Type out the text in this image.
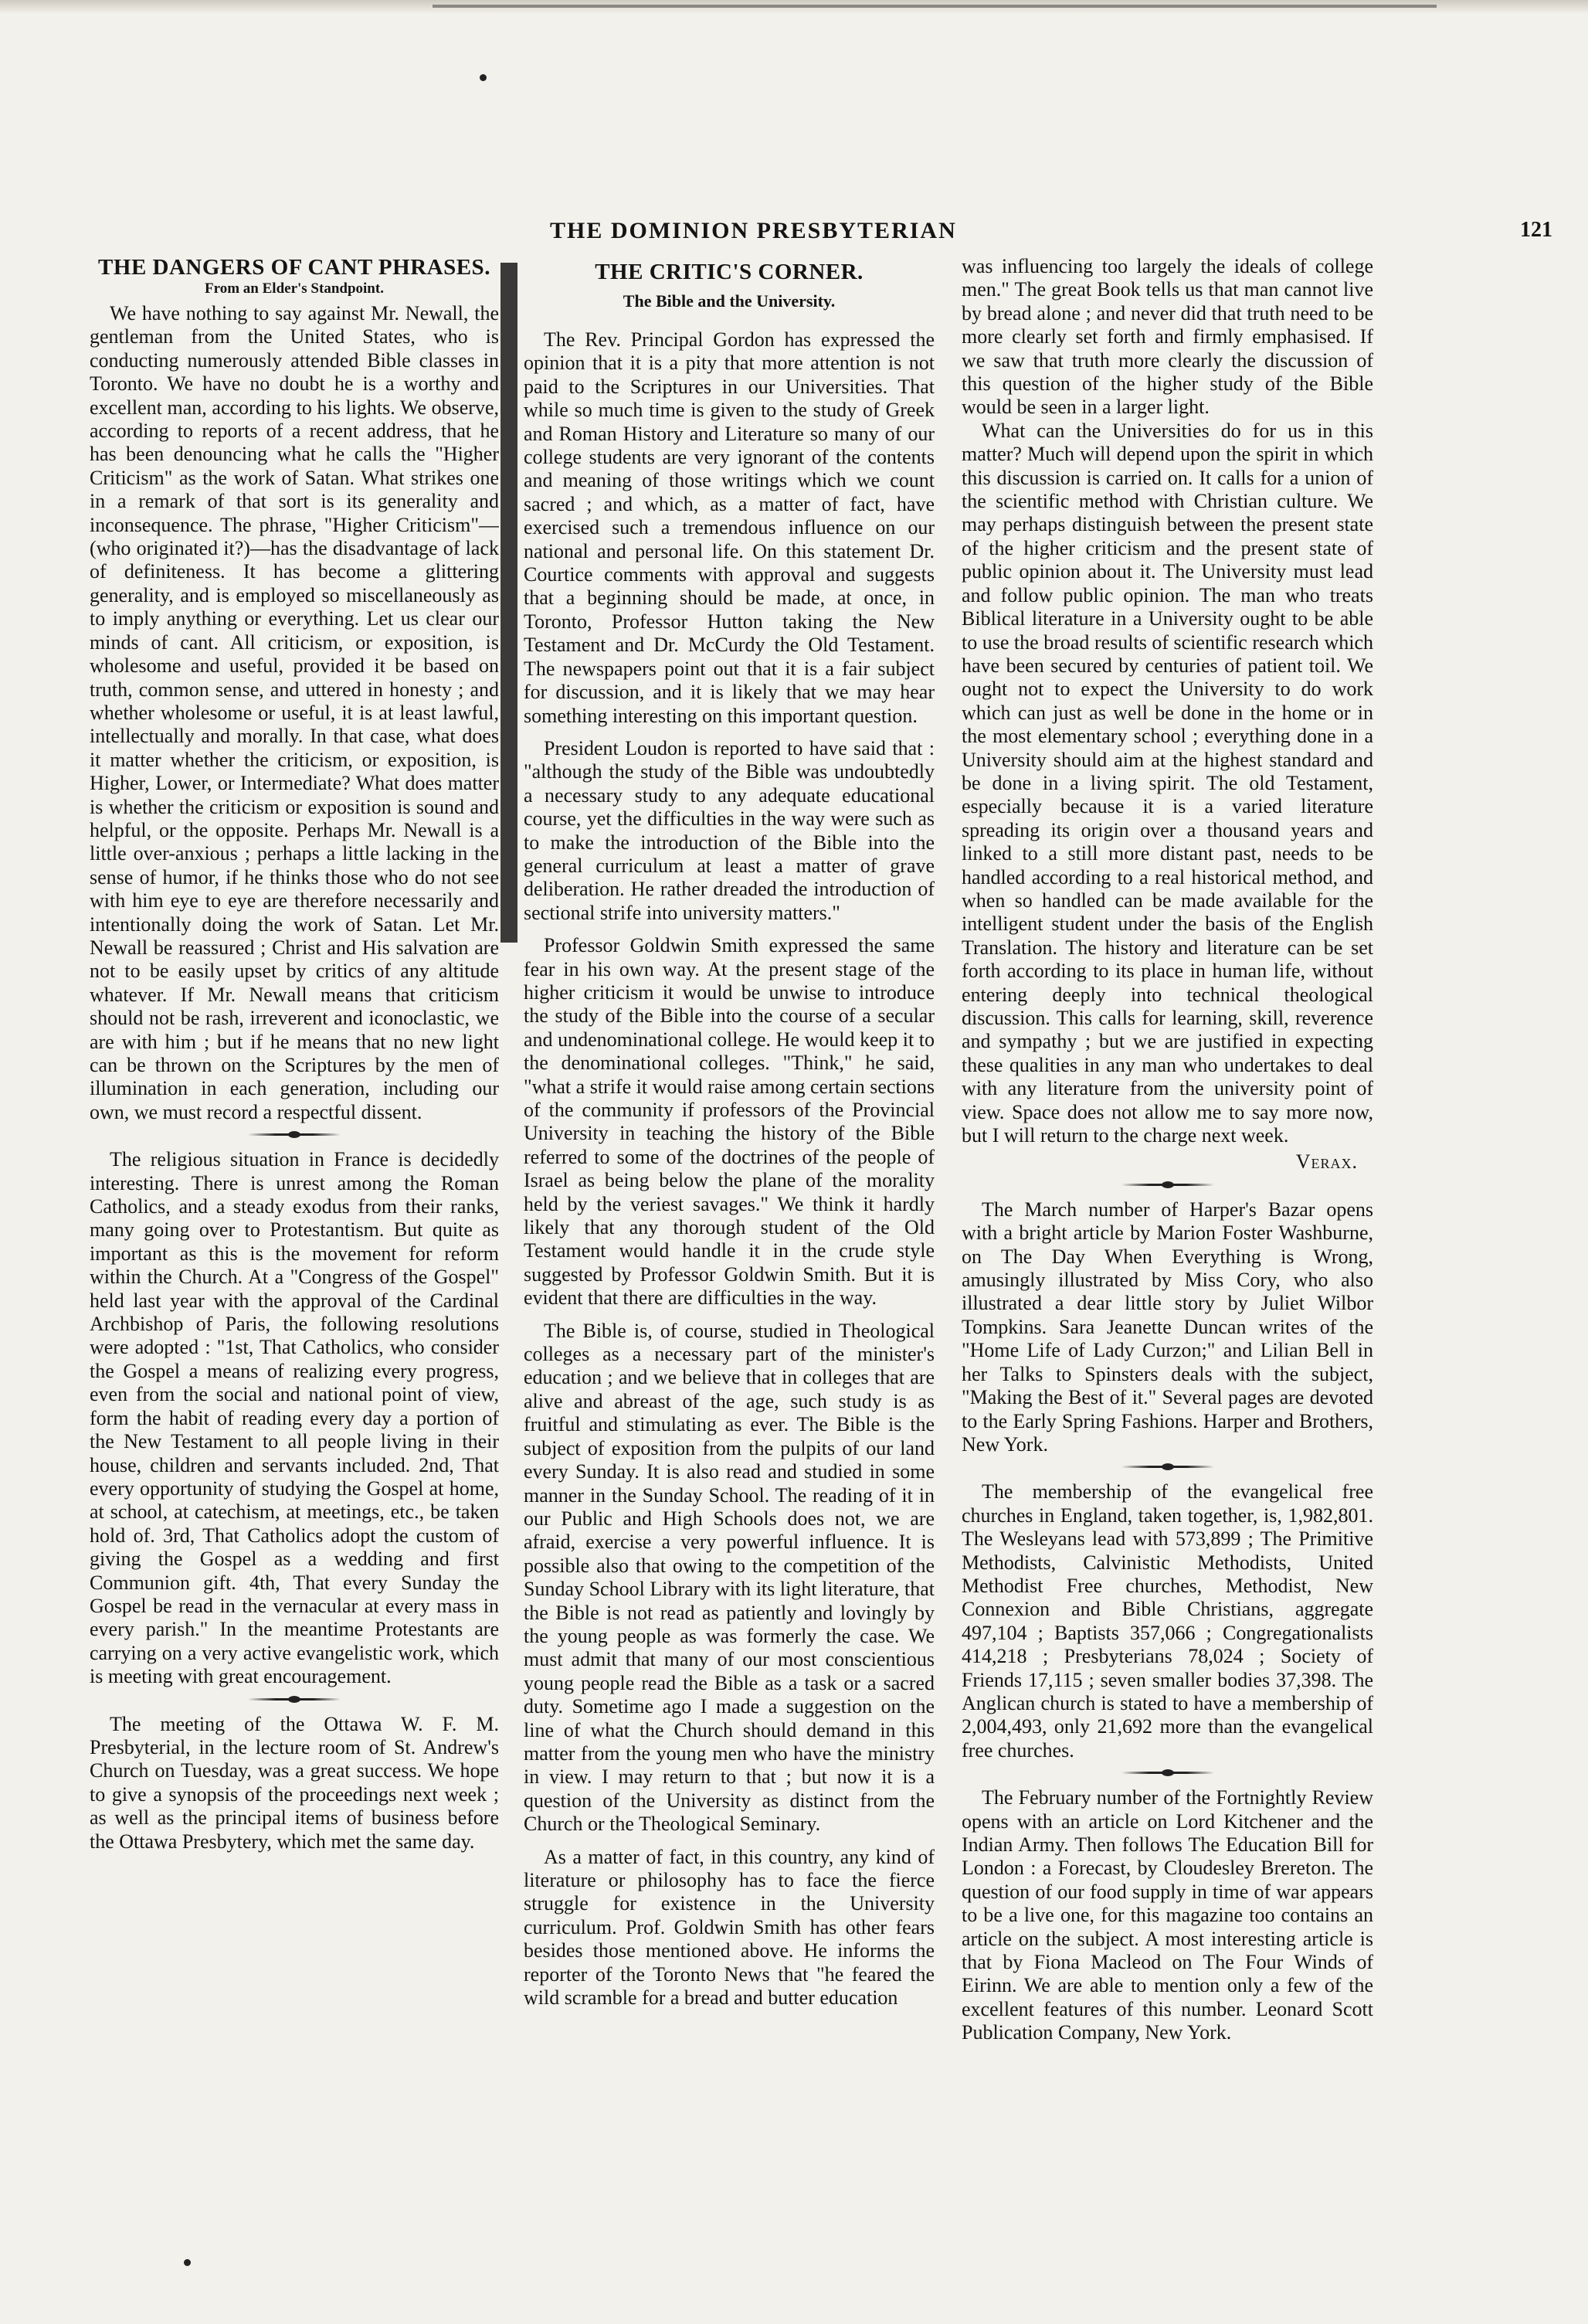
THE DOMINION PRESBYTERIAN	121
THE DANGERS OF CANT PHRASES.
From an Elder's Standpoint.

We have nothing to say against Mr. Newall, the gentleman from the United States, who is conducting numerously attended Bible classes in Toronto. We have no doubt he is a worthy and excellent man, according to his lights. We observe, according to reports of a recent address, that he has been denouncing what he calls the "Higher Criticism" as the work of Satan. What strikes one in a remark of that sort is its generality and inconsequence. The phrase, "Higher Criticism"—(who originated it?)—has the disadvantage of lack of definiteness. It has become a glittering generality, and is employed so miscellaneously as to imply anything or everything. Let us clear our minds of cant. All criticism, or exposition, is wholesome and useful, provided it be based on truth, common sense, and uttered in honesty ; and whether wholesome or useful, it is at least lawful, intellectually and morally. In that case, what does it matter whether the criticism, or exposition, is Higher, Lower, or Intermediate? What does matter is whether the criticism or exposition is sound and helpful, or the opposite. Perhaps Mr. Newall is a little over-anxious ; perhaps a little lacking in the sense of humor, if he thinks those who do not see with him eye to eye are therefore necessarily and intentionally doing the work of Satan. Let Mr. Newall be reassured ; Christ and His salvation are not to be easily upset by critics of any altitude whatever. If Mr. Newall means that criticism should not be rash, irreverent and iconoclastic, we are with him ; but if he means that no new light can be thrown on the Scriptures by the men of illumination in each generation, including our own, we must record a respectful dissent.

The religious situation in France is decidedly interesting. There is unrest among the Roman Catholics, and a steady exodus from their ranks, many going over to Protestantism. But quite as important as this is the movement for reform within the Church. At a "Congress of the Gospel" held last year with the approval of the Cardinal Archbishop of Paris, the following resolutions were adopted : "1st, That Catholics, who consider the Gospel a means of realizing every progress, even from the social and national point of view, form the habit of reading every day a portion of the New Testament to all people living in their house, children and servants included. 2nd, That every opportunity of studying the Gospel at home, at school, at catechism, at meetings, etc., be taken hold of. 3rd, That Catholics adopt the custom of giving the Gospel as a wedding and first Communion gift. 4th, That every Sunday the Gospel be read in the vernacular at every mass in every parish." In the meantime Protestants are carrying on a very active evangelistic work, which is meeting with great encouragement.

The meeting of the Ottawa W. F. M. Presbyterial, in the lecture room of St. Andrew's Church on Tuesday, was a great success. We hope to give a synopsis of the proceedings next week ; as well as the principal items of business before the Ottawa Presbytery, which met the same day.

THE CRITIC'S CORNER.
The Bible and the University.

The Rev. Principal Gordon has expressed the opinion that it is a pity that more attention is not paid to the Scriptures in our Universities. That while so much time is given to the study of Greek and Roman History and Literature so many of our college students are very ignorant of the contents and meaning of those writings which we count sacred ; and which, as a matter of fact, have exercised such a tremendous influence on our national and personal life. On this statement Dr. Courtice comments with approval and suggests that a beginning should be made, at once, in Toronto, Professor Hutton taking the New Testament and Dr. McCurdy the Old Testament. The newspapers point out that it is a fair subject for discussion, and it is likely that we may hear something interesting on this important question.

President Loudon is reported to have said that : "although the study of the Bible was undoubtedly a necessary study to any adequate educational course, yet the difficulties in the way were such as to make the introduction of the Bible into the general curriculum at least a matter of grave deliberation. He rather dreaded the introduction of sectional strife into university matters."

Professor Goldwin Smith expressed the same fear in his own way. At the present stage of the higher criticism it would be unwise to introduce the study of the Bible into the course of a secular and undenominational college. He would keep it to the denominational colleges. "Think," he said, "what a strife it would raise among certain sections of the community if professors of the Provincial University in teaching the history of the Bible referred to some of the doctrines of the people of Israel as being below the plane of the morality held by the veriest savages." We think it hardly likely that any thorough student of the Old Testament would handle it in the crude style suggested by Professor Goldwin Smith. But it is evident that there are difficulties in the way.

The Bible is, of course, studied in Theological colleges as a necessary part of the minister's education ; and we believe that in colleges that are alive and abreast of the age, such study is as fruitful and stimulating as ever. The Bible is the subject of exposition from the pulpits of our land every Sunday. It is also read and studied in some manner in the Sunday School. The reading of it in our Public and High Schools does not, we are afraid, exercise a very powerful influence. It is possible also that owing to the competition of the Sunday School Library with its light literature, that the Bible is not read as patiently and lovingly by the young people as was formerly the case. We must admit that many of our most conscientious young people read the Bible as a task or a sacred duty. Sometime ago I made a suggestion on the line of what the Church should demand in this matter from the young men who have the ministry in view. I may return to that ; but now it is a question of the University as distinct from the Church or the Theological Seminary.

As a matter of fact, in this country, any kind of literature or philosophy has to face the fierce struggle for existence in the University curriculum. Prof. Goldwin Smith has other fears besides those mentioned above. He informs the reporter of the Toronto News that "he feared the wild scramble for a bread and butter education

was influencing too largely the ideals of college men." The great Book tells us that man cannot live by bread alone ; and never did that truth need to be more clearly set forth and firmly emphasised. If we saw that truth more clearly the discussion of this question of the higher study of the Bible would be seen in a larger light.

What can the Universities do for us in this matter? Much will depend upon the spirit in which this discussion is carried on. It calls for a union of the scientific method with Christian culture. We may perhaps distinguish between the present state of the higher criticism and the present state of public opinion about it. The University must lead and follow public opinion. The man who treats Biblical literature in a University ought to be able to use the broad results of scientific research which have been secured by centuries of patient toil. We ought not to expect the University to do work which can just as well be done in the home or in the most elementary school ; everything done in a University should aim at the highest standard and be done in a living spirit. The old Testament, especially because it is a varied literature spreading its origin over a thousand years and linked to a still more distant past, needs to be handled according to a real historical method, and when so handled can be made available for the intelligent student under the basis of the English Translation. The history and literature can be set forth according to its place in human life, without entering deeply into technical theological discussion. This calls for learning, skill, reverence and sympathy ; but we are justified in expecting these qualities in any man who undertakes to deal with any literature from the university point of view. Space does not allow me to say more now, but I will return to the charge next week.

Verax.

The March number of Harper's Bazar opens with a bright article by Marion Foster Washburne, on The Day When Everything is Wrong, amusingly illustrated by Miss Cory, who also illustrated a dear little story by Juliet Wilbor Tompkins. Sara Jeanette Duncan writes of the "Home Life of Lady Curzon;" and Lilian Bell in her Talks to Spinsters deals with the subject, "Making the Best of it." Several pages are devoted to the Early Spring Fashions. Harper and Brothers, New York.

The membership of the evangelical free churches in England, taken together, is, 1,982,801. The Wesleyans lead with 573,899 ; The Primitive Methodists, Calvinistic Methodists, United Methodist Free churches, Methodist, New Connexion and Bible Christians, aggregate 497,104 ; Baptists 357,066 ; Congregationalists 414,218 ; Presbyterians 78,024 ; Society of Friends 17,115 ; seven smaller bodies 37,398. The Anglican church is stated to have a membership of 2,004,493, only 21,692 more than the evangelical free churches.

The February number of the Fortnightly Review opens with an article on Lord Kitchener and the Indian Army. Then follows The Education Bill for London : a Forecast, by Cloudesley Brereton. The question of our food supply in time of war appears to be a live one, for this magazine too contains an article on the subject. A most interesting article is that by Fiona Macleod on The Four Winds of Eirinn. We are able to mention only a few of the excellent features of this number. Leonard Scott Publication Company, New York.
